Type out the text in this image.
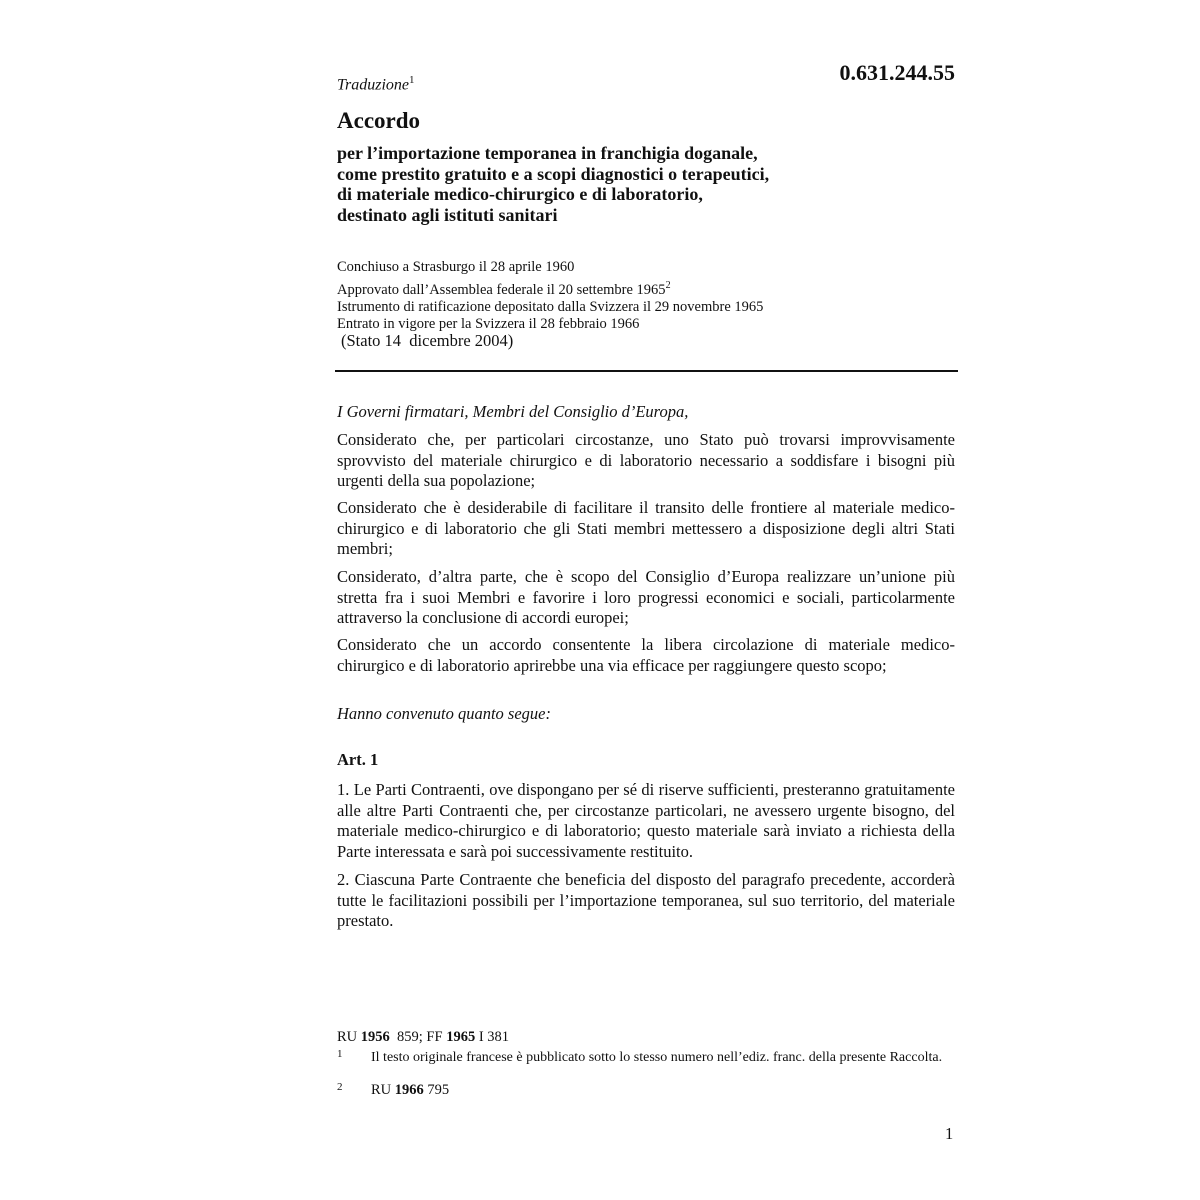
0.631.244.55
Traduzione$^1$
Accordo
per l’importazione temporanea in franchigia doganale,
come prestito gratuito e a scopi diagnostici o terapeutici,
di materiale medico-chirurgico e di laboratorio,
destinato agli istituti sanitari
Conchiuso a Strasburgo il 28 aprile 1960
Approvato dall’Assemblea federale il 20 settembre 1965$^2$
Istrumento di ratificazione depositato dalla Svizzera il 29 novembre 1965
Entrato in vigore per la Svizzera il 28 febbraio 1966
(Stato 14  dicembre 2004)

I Governi firmatari, Membri del Consiglio d’Europa,

Considerato che, per particolari circostanze, uno Stato può trovarsi improvvisamente sprovvisto del materiale chirurgico e di laboratorio necessario a soddisfare i bisogni più urgenti della sua popolazione;

Considerato che è desiderabile di facilitare il transito delle frontiere al materiale medico-chirurgico e di laboratorio che gli Stati membri mettessero a disposizione degli altri Stati membri;

Considerato, d’altra parte, che è scopo del Consiglio d’Europa realizzare un’unione più stretta fra i suoi Membri e favorire i loro progressi economici e sociali, particolarmente attraverso la conclusione di accordi europei;

Considerato che un accordo consentente la libera circolazione di materiale medico- chirurgico e di laboratorio aprirebbe una via efficace per raggiungere questo scopo;

Hanno convenuto quanto segue:

Art. 1

1. Le Parti Contraenti, ove dispongano per sé di riserve sufficienti, presteranno gratuitamente alle altre Parti Contraenti che, per circostanze particolari, ne avessero urgente bisogno, del materiale medico-chirurgico e di laboratorio; questo materiale sarà inviato a richiesta della Parte interessata e sarà poi successivamente restituito.

2. Ciascuna Parte Contraente che beneficia del disposto del paragrafo precedente, accorderà tutte le facilitazioni possibili per l’importazione temporanea, sul suo territorio, del materiale prestato.

RU 1956 859; FF 1965 I 381
1 Il testo originale francese è pubblicato sotto lo stesso numero nell’ediz. franc. della presente Raccolta.
2 RU 1966 795
1
